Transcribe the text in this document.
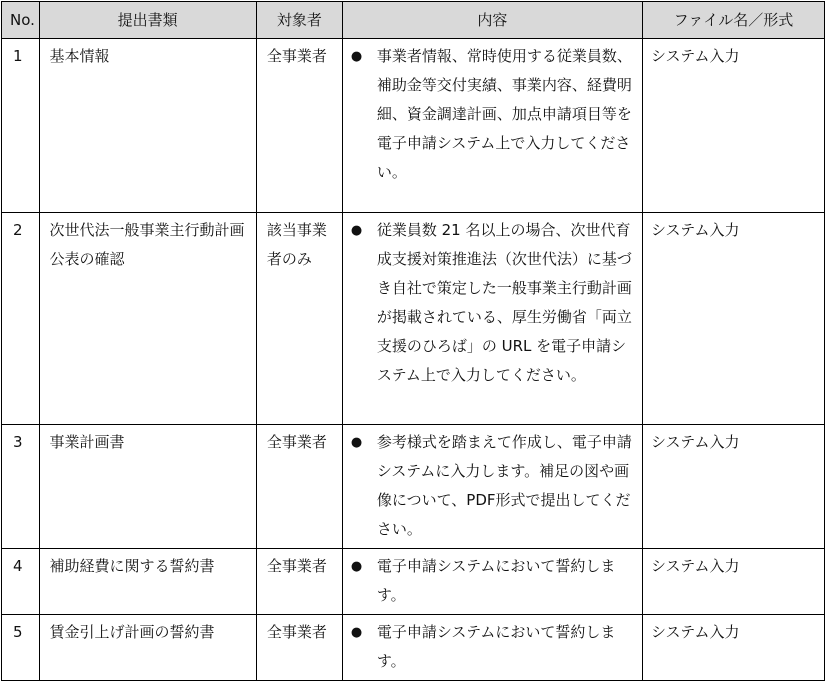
No.	提出書類	対象者	内容	ファイル名／形式
1	基本情報	全事業者	● 事業者情報、常時使用する従業員数、補助金等交付実績、事業内容、経費明細、資金調達計画、加点申請項目等を電子申請システム上で入力してください。	システム入力
2	次世代法一般事業主行動計画公表の確認	該当事業者のみ	● 従業員数 21 名以上の場合、次世代育成支援対策推進法（次世代法）に基づき自社で策定した一般事業主行動計画が掲載されている、厚生労働省「両立支援のひろば」の URL を電子申請システム上で入力してください。	システム入力
3	事業計画書	全事業者	● 参考様式を踏まえて作成し、電子申請システムに入力します。補足の図や画像について、PDF形式で提出してください。	システム入力
4	補助経費に関する誓約書	全事業者	● 電子申請システムにおいて誓約します。	システム入力
5	賃金引上げ計画の誓約書	全事業者	● 電子申請システムにおいて誓約します。	システム入力
